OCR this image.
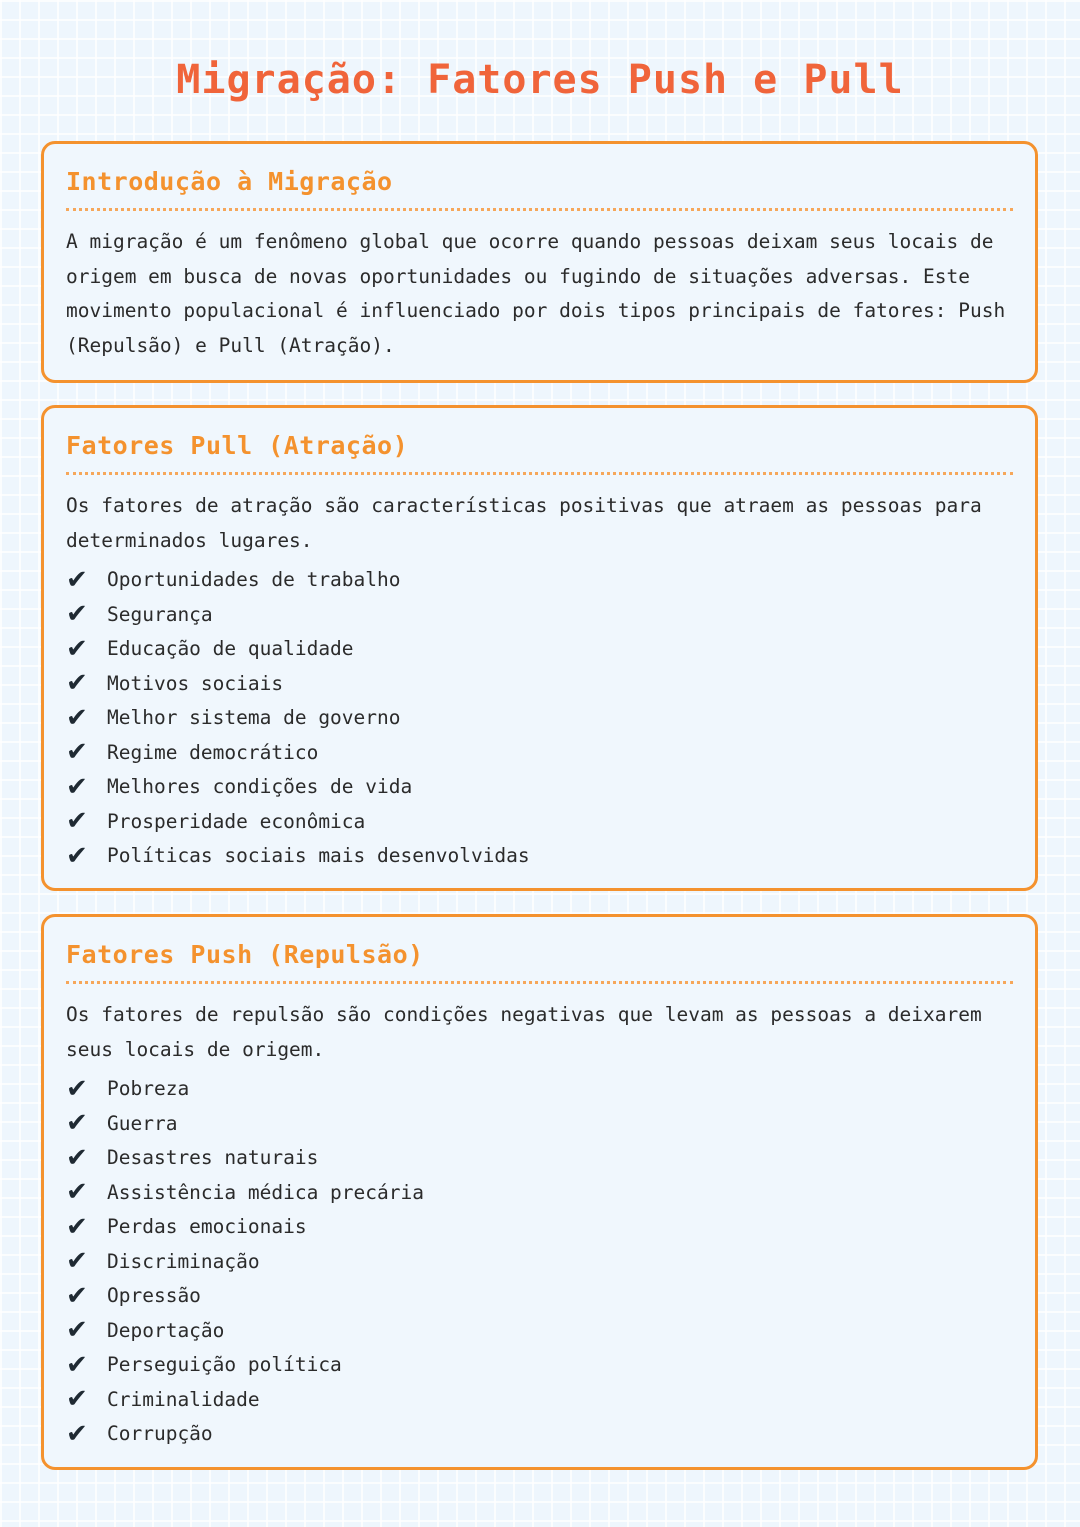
Migração: Fatores Push e Pull
Introdução à Migração

A migração é um fenômeno global que ocorre quando pessoas deixam seus locais de origem em busca de novas oportunidades ou fugindo de situações adversas. Este movimento populacional é influenciado por dois tipos principais de fatores: Push (Repulsão) e Pull (Atração).

Fatores Pull (Atração)

Os fatores de atração são características positivas que atraem as pessoas para determinados lugares.

✔ Oportunidades de trabalho
✔ Segurança
✔ Educação de qualidade
✔ Motivos sociais
✔ Melhor sistema de governo
✔ Regime democrático
✔ Melhores condições de vida
✔ Prosperidade econômica
✔ Políticas sociais mais desenvolvidas
Fatores Push (Repulsão)

Os fatores de repulsão são condições negativas que levam as pessoas a deixarem seus locais de origem.

✔ Pobreza
✔ Guerra
✔ Desastres naturais
✔ Assistência médica precária
✔ Perdas emocionais
✔ Discriminação
✔ Opressão
✔ Deportação
✔ Perseguição política
✔ Criminalidade
✔ Corrupção
